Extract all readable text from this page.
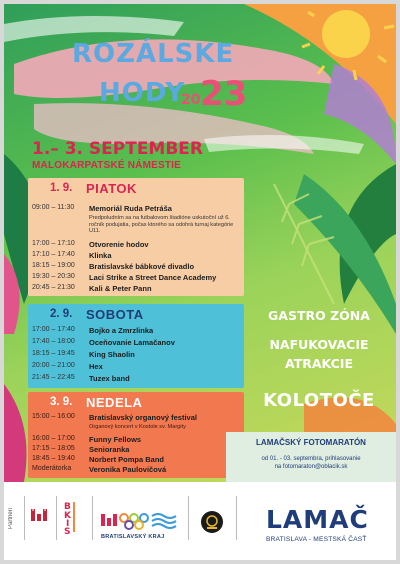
ROZÁLSKE
HODY
20 23
1.– 3. SEPTEMBER
MALOKARPATSKÉ NÁMESTIE
1. 9. PIATOK
09:00 – 11:30	Memoriál Ruda Petráša
Predpoludním sa na futbalovom štadióne uskutoční už 6. ročník podujatia, počas ktorého sa odohrá turnaj kategórie U11.
17:00 – 17:10	Otvorenie hodov
17:10 – 17:40	Klinka
18:15 – 19:00	Bratislavské bábkové divadlo
19:30 – 20:30	Laci Strike a Street Dance Academy
20:45 – 21:30	Kali & Peter Pann
2. 9. SOBOTA
17:00 – 17:40	Bojko a Zmrzlinka
17:40 – 18:00	Oceňovanie Lamačanov
18:15 – 19:45	King Shaolin
20:00 – 21:00	Hex
21:45 – 22:45	Tuzex band
3. 9. NEDELA
15:00 – 16:00	Bratislavský organový festival
Organový koncert v Kostole sv. Margity
16:00 – 17:00	Funny Fellows
17:15 – 18:05	Senioranka
18:45 – 19:40	Norbert Pompa Band
Moderátorka	Veronika Paulovičová
GASTRO ZÓNA
NAFUKOVACIE
ATRAKCIE
KOLOTOČE
LAMAČSKÝ FOTOMARATÓN
od 01. - 03. septembra, prihlasovanie
na fotomaraton@oblacik.sk
Partneri
B
K
I
S	BRATISLAVSKÝ KRAJ
LAMAČ
BRATISLAVA - MESTSKÁ ČASŤ
